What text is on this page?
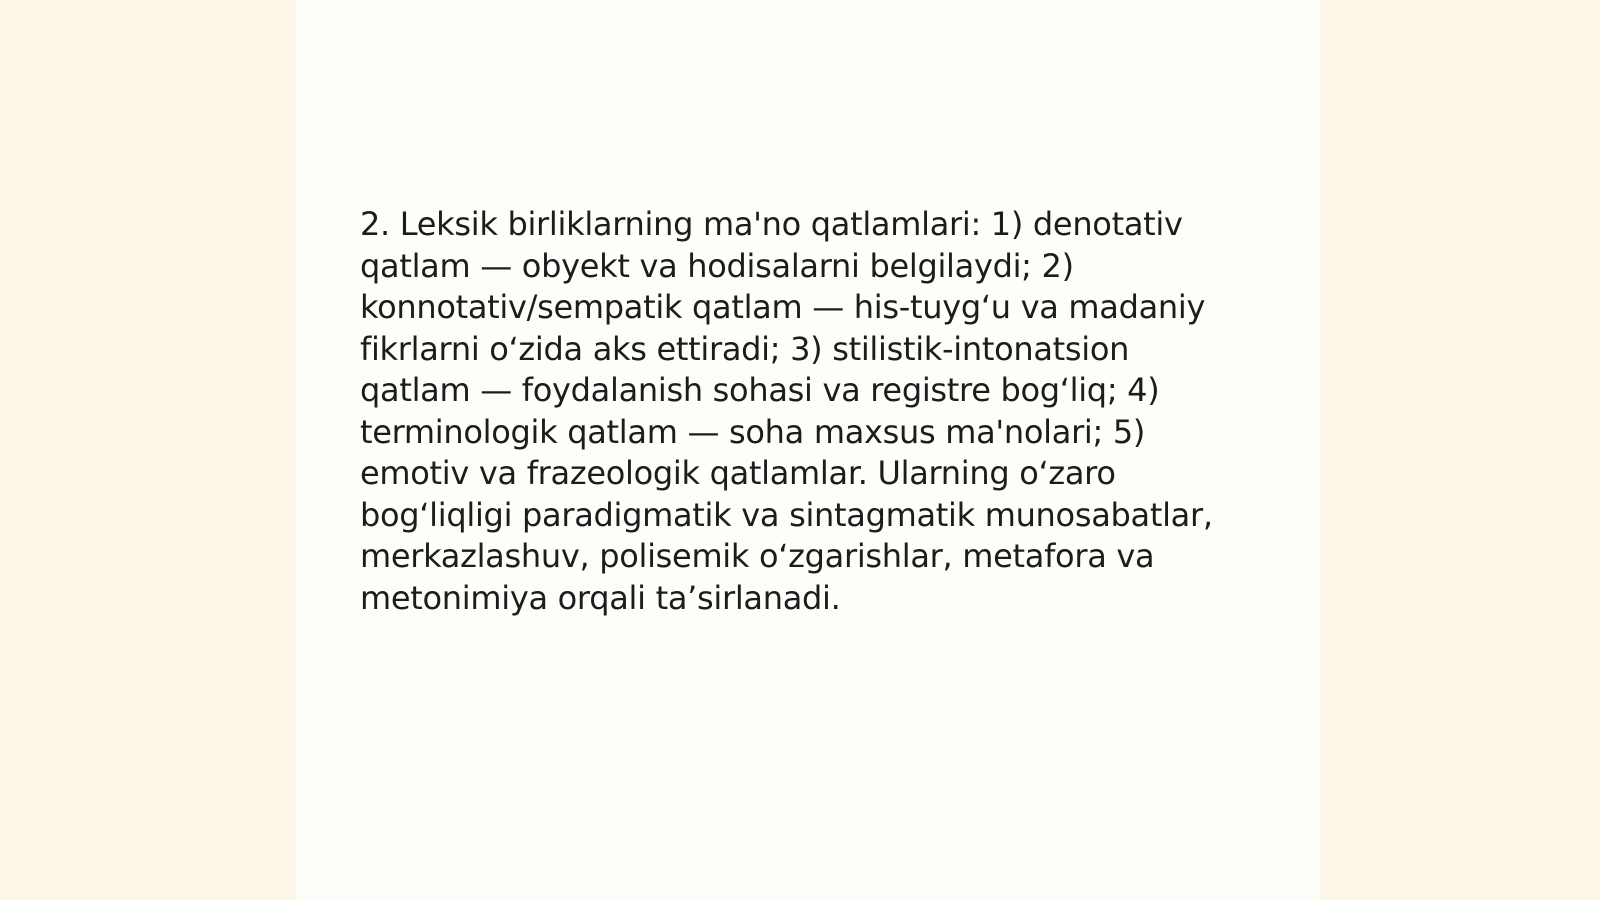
2. Leksik birliklarning ma'no qatlamlari: 1) denotativ qatlam — obyekt va hodisalarni belgilaydi; 2) konnotativ/sempatik qatlam — his-tuyg‘u va madaniy fikrlarni o‘zida aks ettiradi; 3) stilistik-intonatsion qatlam — foydalanish sohasi va registre bog‘liq; 4) terminologik qatlam — soha maxsus ma'nolari; 5) emotiv va frazeologik qatlamlar. Ularning o‘zaro bog‘liqligi paradigmatik va sintagmatik munosabatlar, merkazlashuv, polisemik o‘zgarishlar, metafora va metonimiya orqali ta’sirlanadi.
